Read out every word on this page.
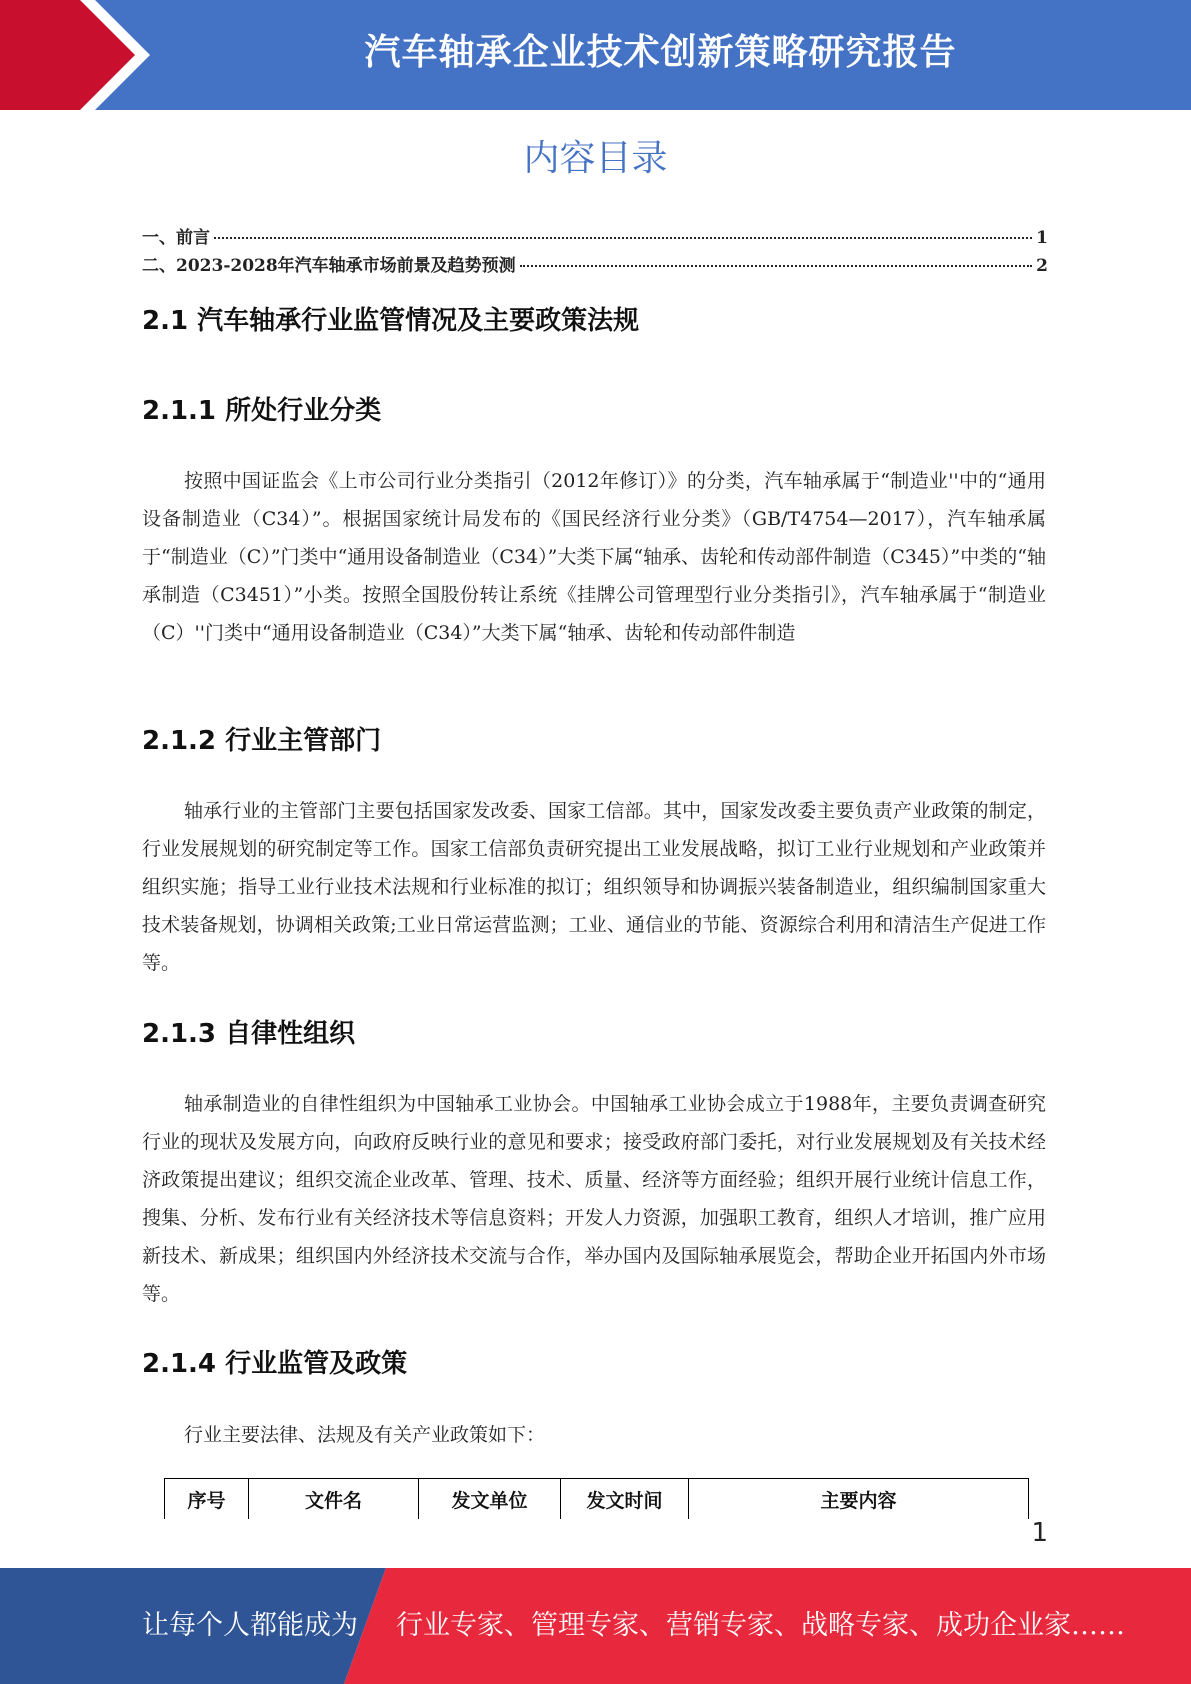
汽车轴承企业技术创新策略研究报告
内容目录
一、前言	1
二、2023-2028年汽车轴承市场前景及趋势预测	2
2.1 汽车轴承行业监管情况及主要政策法规
2.1.1 所处行业分类
按照中国证监会《上市公司行业分类指引（2012年修订）》的分类，汽车轴承属于“制造业''中的“通用设备制造业（C34）”。根据国家统计局发布的《国民经济行业分类》（GB/T4754—2017），汽车轴承属于“制造业（C）”门类中“通用设备制造业（C34）”大类下属“轴承、齿轮和传动部件制造（C345）”中类的“轴承制造（C3451）”小类。按照全国股份转让系统《挂牌公司管理型行业分类指引》，汽车轴承属于“制造业（C）''门类中“通用设备制造业（C34）”大类下属“轴承、齿轮和传动部件制造
2.1.2 行业主管部门
轴承行业的主管部门主要包括国家发改委、国家工信部。其中，国家发改委主要负责产业政策的制定，行业发展规划的研究制定等工作。国家工信部负责研究提出工业发展战略，拟订工业行业规划和产业政策并组织实施；指导工业行业技术法规和行业标准的拟订；组织领导和协调振兴装备制造业，组织编制国家重大技术装备规划，协调相关政策;工业日常运营监测；工业、通信业的节能、资源综合利用和清洁生产促进工作等。
2.1.3 自律性组织
轴承制造业的自律性组织为中国轴承工业协会。中国轴承工业协会成立于1988年，主要负责调查研究行业的现状及发展方向，向政府反映行业的意见和要求；接受政府部门委托，对行业发展规划及有关技术经济政策提出建议；组织交流企业改革、管理、技术、质量、经济等方面经验；组织开展行业统计信息工作，搜集、分析、发布行业有关经济技术等信息资料；开发人力资源，加强职工教育，组织人才培训，推广应用新技术、新成果；组织国内外经济技术交流与合作，举办国内及国际轴承展览会，帮助企业开拓国内外市场等。
2.1.4 行业监管及政策
行业主要法律、法规及有关产业政策如下：
序号	文件名	发文单位	发文时间	主要内容
1
让每个人都能成为 行业专家、管理专家、营销专家、战略专家、成功企业家……
